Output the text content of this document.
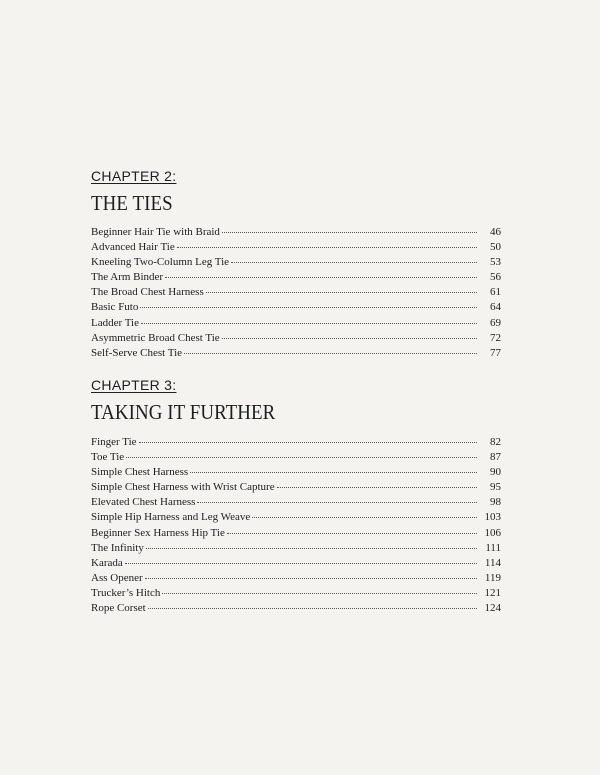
CHAPTER 2:
THE TIES
Beginner Hair Tie with Braid	46
Advanced Hair Tie	50
Kneeling Two-Column Leg Tie	53
The Arm Binder	56
The Broad Chest Harness	61
Basic Futo	64
Ladder Tie	69
Asymmetric Broad Chest Tie	72
Self-Serve Chest Tie	77
CHAPTER 3:
TAKING IT FURTHER
Finger Tie	82
Toe Tie	87
Simple Chest Harness	90
Simple Chest Harness with Wrist Capture	95
Elevated Chest Harness	98
Simple Hip Harness and Leg Weave	103
Beginner Sex Harness Hip Tie	106
The Infinity	111
Karada	114
Ass Opener	119
Trucker’s Hitch	121
Rope Corset	124
